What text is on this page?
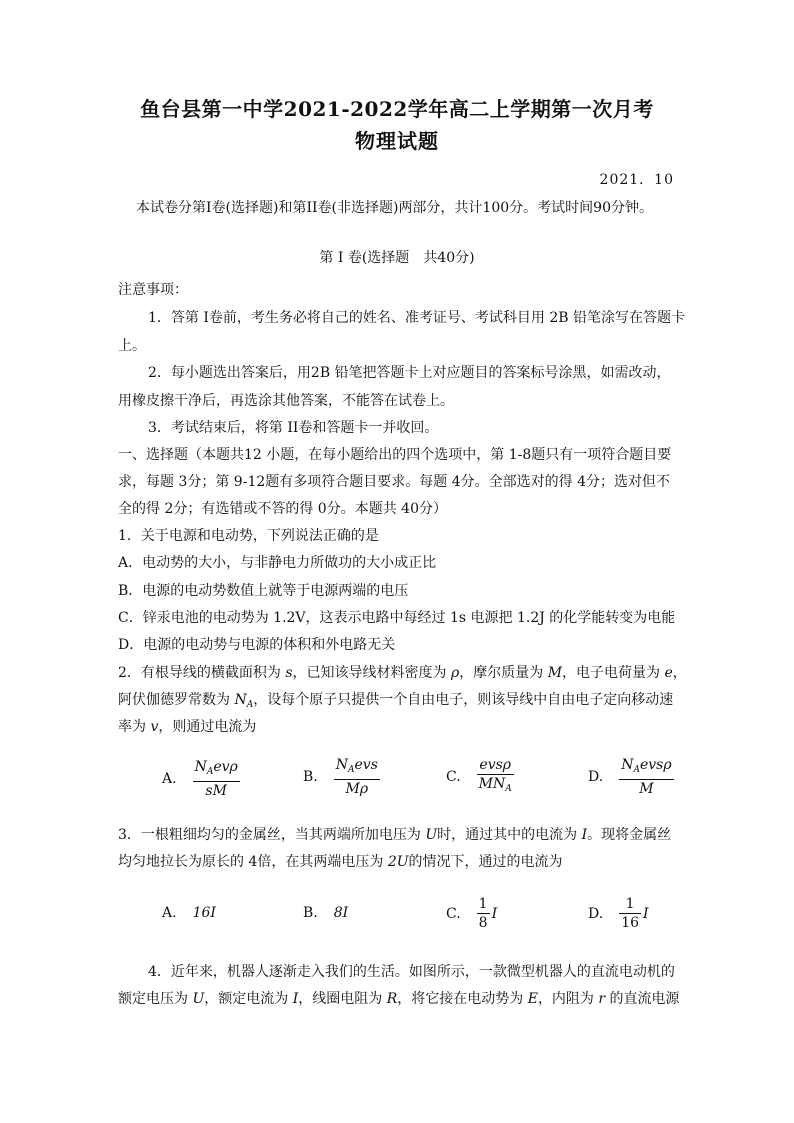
鱼台县第一中学2021-2022学年高二上学期第一次月考
物理试题
2021．10
本试卷分第I卷(选择题)和第II卷(非选择题)两部分，共计100分。考试时间90分钟。
第 I 卷(选择题　共40分)
注意事项：
1．答第 I卷前，考生务必将自己的姓名、准考证号、考试科目用 2B 铅笔涂写在答题卡
上。
2．每小题选出答案后，用2B 铅笔把答题卡上对应题目的答案标号涂黑，如需改动，
用橡皮擦干净后，再选涂其他答案，不能答在试卷上。
3．考试结束后，将第 II卷和答题卡一并收回。
一、选择题（本题共12 小题，在每小题给出的四个选项中，第 1-8题只有一项符合题目要
求，每题 3分；第 9-12题有多项符合题目要求。每题 4分。全部选对的得 4分；选对但不
全的得 2分；有选错或不答的得 0分。本题共 40分）
1．关于电源和电动势，下列说法正确的是
A．电动势的大小，与非静电力所做功的大小成正比
B．电源的电动势数值上就等于电源两端的电压
C．锌汞电池的电动势为 1.2V，这表示电路中每经过 1s 电源把 1.2J 的化学能转变为电能
D．电源的电动势与电源的体积和外电路无关
2．有根导线的横截面积为 s，已知该导线材料密度为 ρ，摩尔质量为 M，电子电荷量为 e，
阿伏伽德罗常数为 $N_A$，设每个原子只提供一个自由电子，则该导线中自由电子定向移动速
率为 v，则通过电流为
A. $\frac{N_Aev\rho}{sM}$	B. $\frac{N_Aevs}{M\rho}$	C. $\frac{\text{evsρ}}{MN_A}$	D. $\frac{N_Aevs\rho}{M}$
3．一根粗细均匀的金属丝，当其两端所加电压为 U时，通过其中的电流为 I。现将金属丝
均匀地拉长为原长的 4倍，在其两端电压为 2U的情况下，通过的电流为
A. 16I	B. 8I	C. $\frac{1}{8}$ I	D. $\frac{1}{16}$ I
4．近年来，机器人逐渐走入我们的生活。如图所示，一款微型机器人的直流电动机的
额定电压为 U，额定电流为 I，线圈电阻为 R，将它接在电动势为 E，内阻为 r 的直流电源
